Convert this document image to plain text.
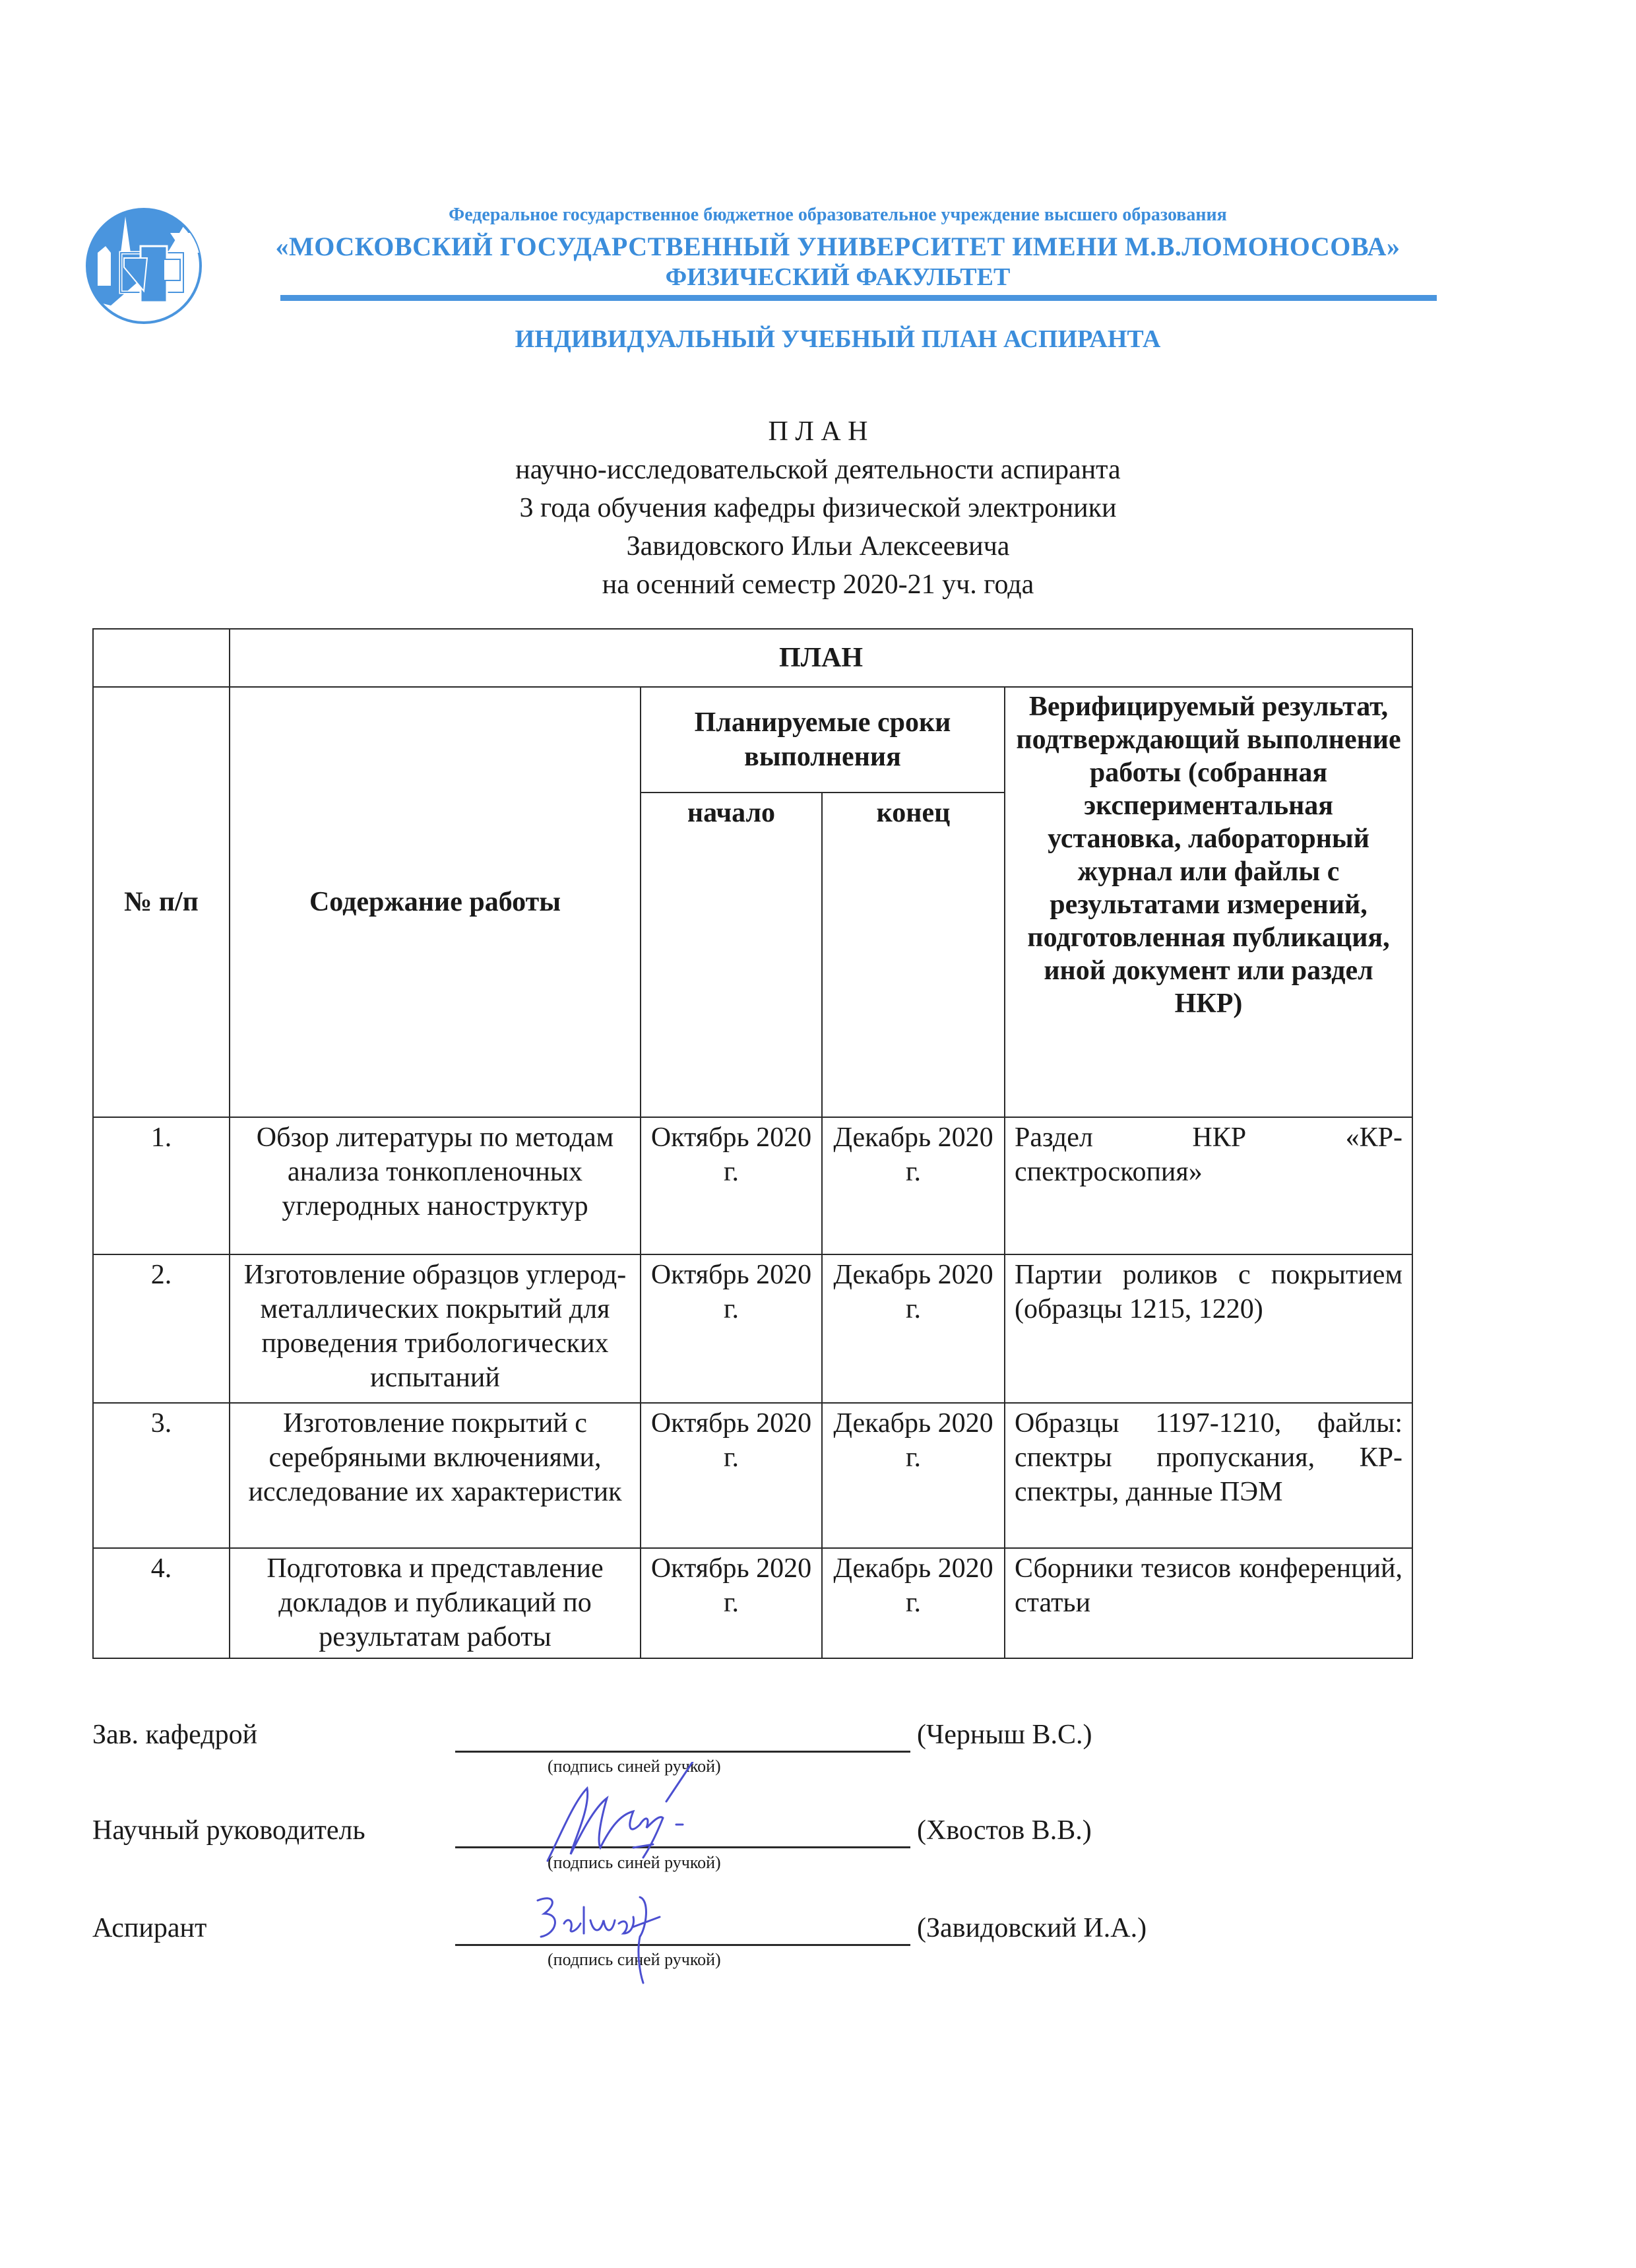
Федеральное государственное бюджетное образовательное учреждение высшего образования
«МОСКОВСКИЙ ГОСУДАРСТВЕННЫЙ УНИВЕРСИТЕТ ИМЕНИ М.В.ЛОМОНОСОВА»
ФИЗИЧЕСКИЙ ФАКУЛЬТЕТ
ИНДИВИДУАЛЬНЫЙ УЧЕБНЫЙ ПЛАН АСПИРАНТА
П Л А Н
научно-исследовательской деятельности аспиранта
3 года обучения кафедры физической электроники
Завидовского Ильи Алексеевича
на осенний семестр 2020-21 уч. года
	ПЛАН			
№ п/п	Содержание работы	Планируемые сроки выполнения		Верифицируемый результат, подтверждающий выполнение работы (собранная экспериментальная установка, лабораторный журнал или файлы с результатами измерений, подготовленная публикация, иной документ или раздел НКР)
		начало	конец	
1.	Обзор литературы по методам анализа тонкопленочных углеродных наноструктур	Октябрь 2020 г.	Декабрь 2020 г.	Раздел НКР «КР-спектроскопия»
2.	Изготовление образцов углерод-металлических покрытий для проведения трибологических испытаний	Октябрь 2020 г.	Декабрь 2020 г.	Партии роликов с покрытием (образцы 1215, 1220)
3.	Изготовление покрытий с серебряными включениями, исследование их характеристик	Октябрь 2020 г.	Декабрь 2020 г.	Образцы 1197-1210, файлы: спектры пропускания, КР-спектры, данные ПЭМ
4.	Подготовка и представление докладов и публикаций по результатам работы	Октябрь 2020 г.	Декабрь 2020 г.	Сборники тезисов конференций, статьи
Зав. кафедрой
(подпись синей ручкой)
(Черныш В.С.)
Научный руководитель
(подпись синей ручкой)
(Хвостов В.В.)
Аспирант
(подпись синей ручкой)
(Завидовский И.А.)
